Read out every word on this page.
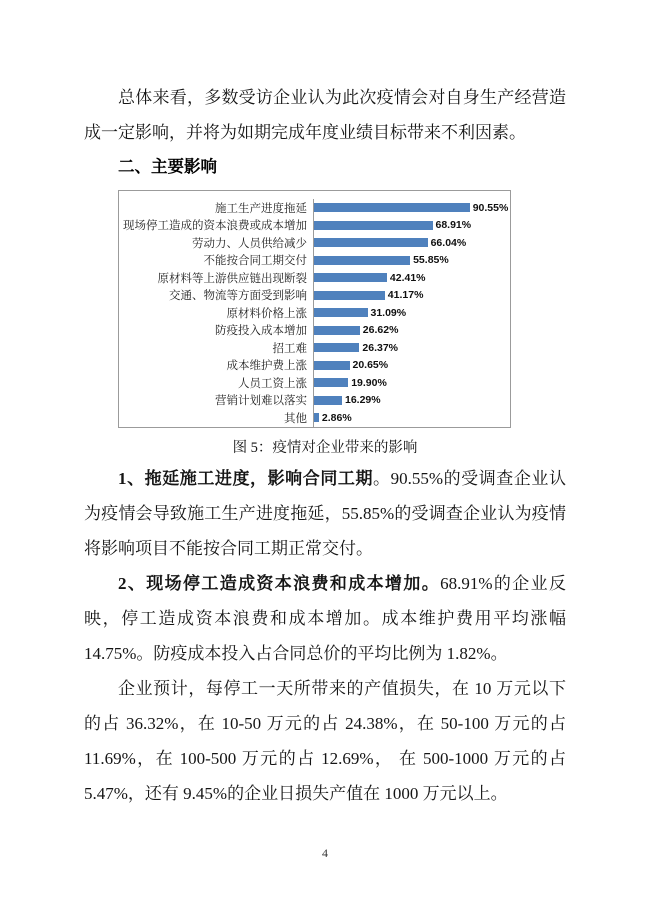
总体来看，多数受访企业认为此次疫情会对自身生产经营造成一定影响，并将为如期完成年度业绩目标带来不利因素。

二、主要影响
施工生产进度拖延	90.55%
现场停工造成的资本浪费或成本增加	68.91%
劳动力、人员供给减少	66.04%
不能按合同工期交付	55.85%
原材料等上游供应链出现断裂	42.41%
交通、物流等方面受到影响	41.17%
原材料价格上涨	31.09%
防疫投入成本增加	26.62%
招工难	26.37%
成本维护费上涨	20.65%
人员工资上涨	19.90%
营销计划难以落实	16.29%
其他	2.86%

图 5：疫情对企业带来的影响

1、拖延施工进度，影响合同工期。90.55%的受调查企业认为疫情会导致施工生产进度拖延，55.85%的受调查企业认为疫情将影响项目不能按合同工期正常交付。

2、现场停工造成资本浪费和成本增加。68.91%的企业反映，停工造成资本浪费和成本增加。成本维护费用平均涨幅 14.75%。防疫成本投入占合同总价的平均比例为 1.82%。

企业预计，每停工一天所带来的产值损失，在 10 万元以下的占 36.32%，在 10-50 万元的占 24.38%，在 50-100 万元的占 11.69%，在 100-500 万元的占 12.69%， 在 500-1000 万元的占 5.47%，还有 9.45%的企业日损失产值在 1000 万元以上。

4
